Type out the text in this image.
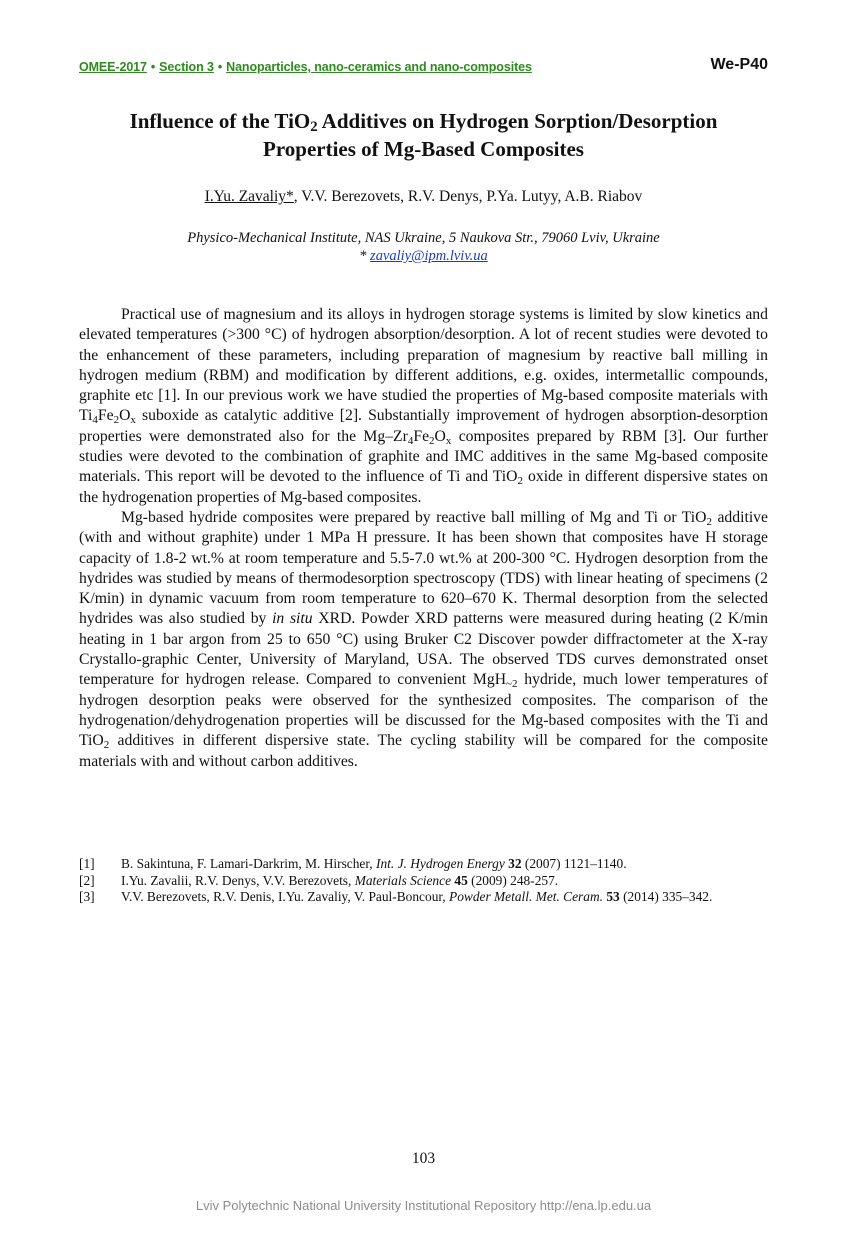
OMEE-2017 • Section 3 • Nanoparticles, nano-ceramics and nano-composites	We-P40
Influence of the TiO$_2$ Additives on Hydrogen Sorption/Desorption
Properties of Mg-Based Composites
I.Yu. Zavaliy*, V.V. Berezovets, R.V. Denys, P.Ya. Lutyy, A.B. Riabov
Physico-Mechanical Institute, NAS Ukraine, 5 Naukova Str., 79060 Lviv, Ukraine
* zavaliy@ipm.lviv.ua

Practical use of magnesium and its alloys in hydrogen storage systems is limited by slow kinetics and elevated temperatures (>300 °C) of hydrogen absorption/desorption. A lot of recent studies were devoted to the enhancement of these parameters, including preparation of magnesium by reactive ball milling in hydrogen medium (RBM) and modification by different additions, e.g. oxides, intermetallic compounds, graphite etc [1]. In our previous work we have studied the properties of Mg-based composite materials with $Ti_4Fe_2O_x$ suboxide as catalytic additive [2]. Substantially improvement of hydrogen absorption-desorption properties were demonstrated also for the $Mg-Zr_4Fe_2O_x$ composites prepared by RBM [3]. Our further studies were devoted to the combination of graphite and IMC additives in the same Mg-based composite materials. This report will be devoted to the influence of Ti and TiO$_2$ oxide in different dispersive states on the hydrogenation properties of Mg-based composites.

Mg-based hydride composites were prepared by reactive ball milling of Mg and Ti or TiO$_2$ additive (with and without graphite) under 1 MPa H pressure. It has been shown that composites have H storage capacity of 1.8-2 wt.% at room temperature and 5.5-7.0 wt.% at 200-300 °C. Hydrogen desorption from the hydrides was studied by means of thermodesorption spectroscopy (TDS) with linear heating of specimens (2 K/min) in dynamic vacuum from room temperature to 620–670 K. Thermal desorption from the selected hydrides was also studied by in situ XRD. Powder XRD patterns were measured during heating (2 K/min heating in 1 bar argon from 25 to 650 °C) using Bruker C2 Discover powder diffractometer at the X-ray Crystallo-graphic Center, University of Maryland, USA. The observed TDS curves demonstrated onset temperature for hydrogen release. Compared to convenient MgH$_{\sim 2}$ hydride, much lower temperatures of hydrogen desorption peaks were observed for the synthesized composites. The comparison of the hydrogenation/dehydrogenation properties will be discussed for the Mg-based composites with the Ti and TiO$_2$ additives in different dispersive state. The cycling stability will be compared for the composite materials with and without carbon additives.

[1]	B. Sakintuna, F. Lamari-Darkrim, M. Hirscher, Int. J. Hydrogen Energy 32 (2007) 1121–1140.
[2]	I.Yu. Zavalii, R.V. Denys, V.V. Berezovets, Materials Science 45 (2009) 248-257.
[3]	V.V. Berezovets, R.V. Denis, I.Yu. Zavaliy, V. Paul-Boncour, Powder Metall. Met. Ceram. 53 (2014) 335–342.
103
Lviv Polytechnic National University Institutional Repository http://ena.lp.edu.ua
